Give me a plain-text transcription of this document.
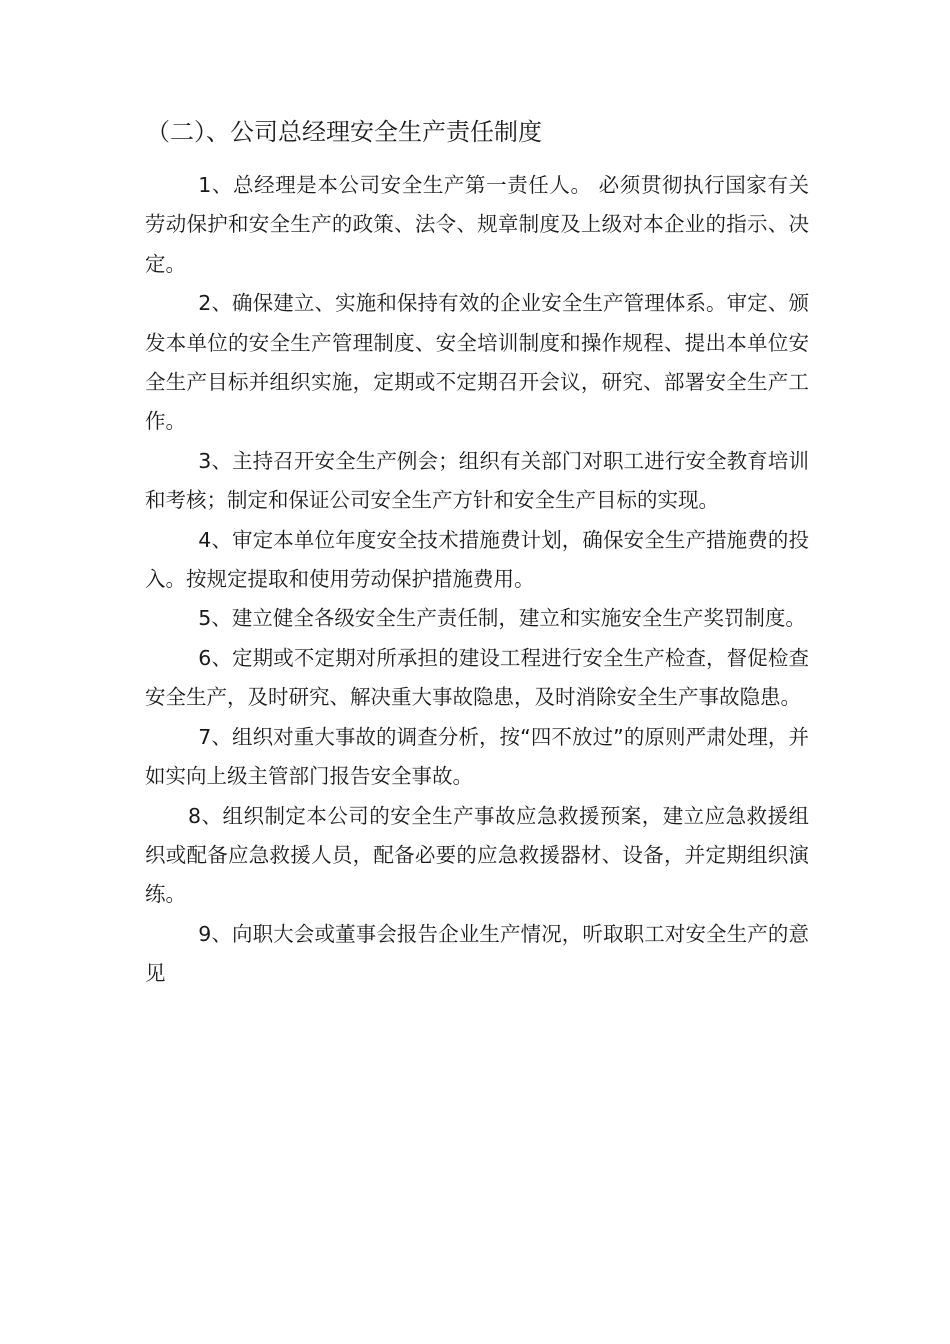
（二）、公司总经理安全生产责任制度

1、总经理是本公司安全生产第一责任人。 必须贯彻执行国家有关劳动保护和安全生产的政策、法令、规章制度及上级对本企业的指示、决定。

2、确保建立、实施和保持有效的企业安全生产管理体系。审定、颁发本单位的安全生产管理制度、安全培训制度和操作规程、提出本单位安全生产目标并组织实施，定期或不定期召开会议，研究、部署安全生产工作。

3、主持召开安全生产例会；组织有关部门对职工进行安全教育培训和考核；制定和保证公司安全生产方针和安全生产目标的实现。

4、审定本单位年度安全技术措施费计划，确保安全生产措施费的投入。按规定提取和使用劳动保护措施费用。

5、建立健全各级安全生产责任制，建立和实施安全生产奖罚制度。

6、定期或不定期对所承担的建设工程进行安全生产检查，督促检查安全生产，及时研究、解决重大事故隐患，及时消除安全生产事故隐患。

7、组织对重大事故的调查分析，按“四不放过”的原则严肃处理，并如实向上级主管部门报告安全事故。

8、组织制定本公司的安全生产事故应急救援预案，建立应急救援组织或配备应急救援人员，配备必要的应急救援器材、设备，并定期组织演练。

9、向职大会或董事会报告企业生产情况，听取职工对安全生产的意见
